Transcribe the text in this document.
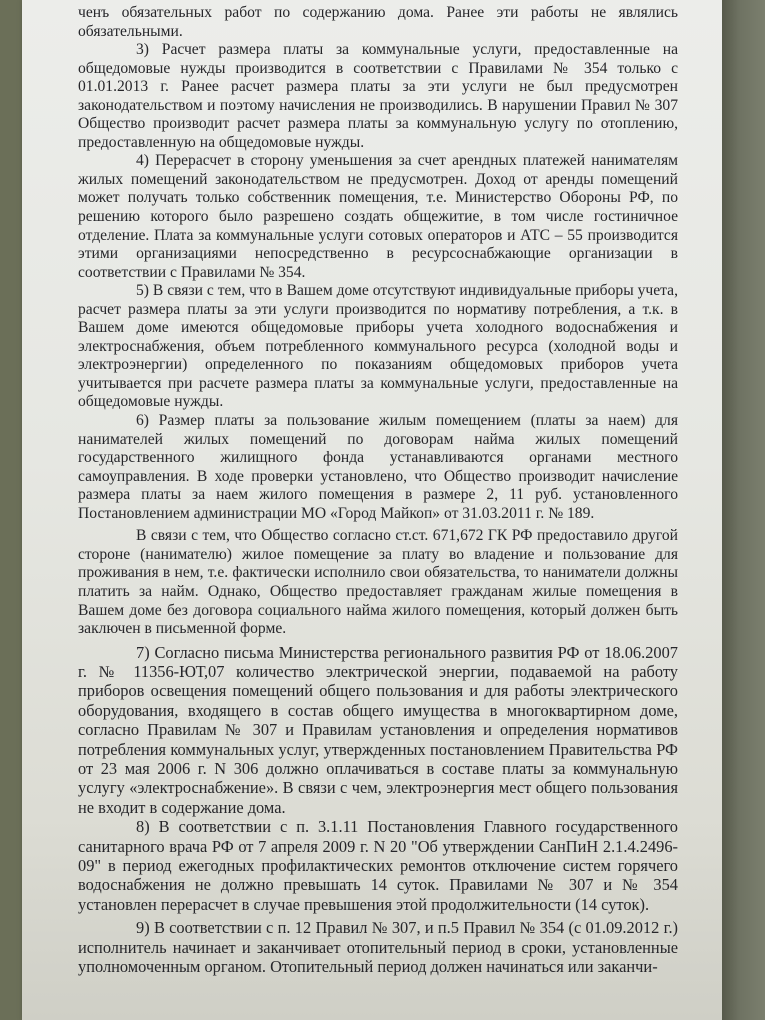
ченъ обязательных работ по содержанию дома. Ранее эти работы не являлись обязательными.

3) Расчет размера платы за коммунальные услуги, предоставленные на общедомовые нужды производится в соответствии с Правилами № 354 только с 01.01.2013 г. Ранее расчет размера платы за эти услуги не был предусмотрен законодательством и поэтому начисления не производились. В нарушении Правил № 307 Общество производит расчет размера платы за коммунальную услугу по отоплению, предоставленную на общедомовые нужды.

4) Перерасчет в сторону уменьшения за счет арендных платежей нанимателям жилых помещений законодательством не предусмотрен. Доход от аренды помещений может получать только собственник помещения, т.е. Министерство Обороны РФ, по решению которого было разрешено создать общежитие, в том числе гостиничное отделение. Плата за коммунальные услуги сотовых операторов и АТС – 55 производится этими организациями непосредственно в ресурсоснабжающие организации в соответствии с Правилами № 354.

5) В связи с тем, что в Вашем доме отсутствуют индивидуальные приборы учета, расчет размера платы за эти услуги производится по нормативу потребления, а т.к. в Вашем доме имеются общедомовые приборы учета холодного водоснабжения и электроснабжения, объем потребленного коммунального ресурса (холодной воды и электроэнергии) определенного по показаниям общедомовых приборов учета учитывается при расчете размера платы за коммунальные услуги, предоставленные на общедомовые нужды.

6) Размер платы за пользование жилым помещением (платы за наем) для нанимателей жилых помещений по договорам найма жилых помещений государственного жилищного фонда устанавливаются органами местного самоуправления. В ходе проверки установлено, что Общество производит начисление размера платы за наем жилого помещения в размере 2, 11 руб. установленного Постановлением администрации МО «Город Майкоп» от 31.03.2011 г. № 189.

В связи с тем, что Общество согласно ст.ст. 671,672 ГК РФ предоставило другой стороне (нанимателю) жилое помещение за плату во владение и пользование для проживания в нем, т.е. фактически исполнило свои обязательства, то наниматели должны платить за найм. Однако, Общество предоставляет гражданам жилые помещения в Вашем доме без договора социального найма жилого помещения, который должен быть заключен в письменной форме.

7) Согласно письма Министерства регионального развития РФ от 18.06.2007 г. № 11356-ЮТ,07 количество электрической энергии, подаваемой на работу приборов освещения помещений общего пользования и для работы электрического оборудования, входящего в состав общего имущества в многоквартирном доме, согласно Правилам № 307 и Правилам установления и определения нормативов потребления коммунальных услуг, утвержденных постановлением Правительства РФ от 23 мая 2006 г. N 306 должно оплачиваться в составе платы за коммунальную услугу «электроснабжение». В связи с чем, электроэнергия мест общего пользования не входит в содержание дома.

8) В соответствии с п. 3.1.11 Постановления Главного государственного санитарного врача РФ от 7 апреля 2009 г. N 20 "Об утверждении СанПиН 2.1.4.2496-09" в период ежегодных профилактических ремонтов отключение систем горячего водоснабжения не должно превышать 14 суток. Правилами № 307 и № 354 установлен перерасчет в случае превышения этой продолжительности (14 суток).

9) В соответствии с п. 12 Правил № 307, и п.5 Правил № 354 (с 01.09.2012 г.) исполнитель начинает и заканчивает отопительный период в сроки, установленные уполномоченным органом. Отопительный период должен начинаться или заканчи-
